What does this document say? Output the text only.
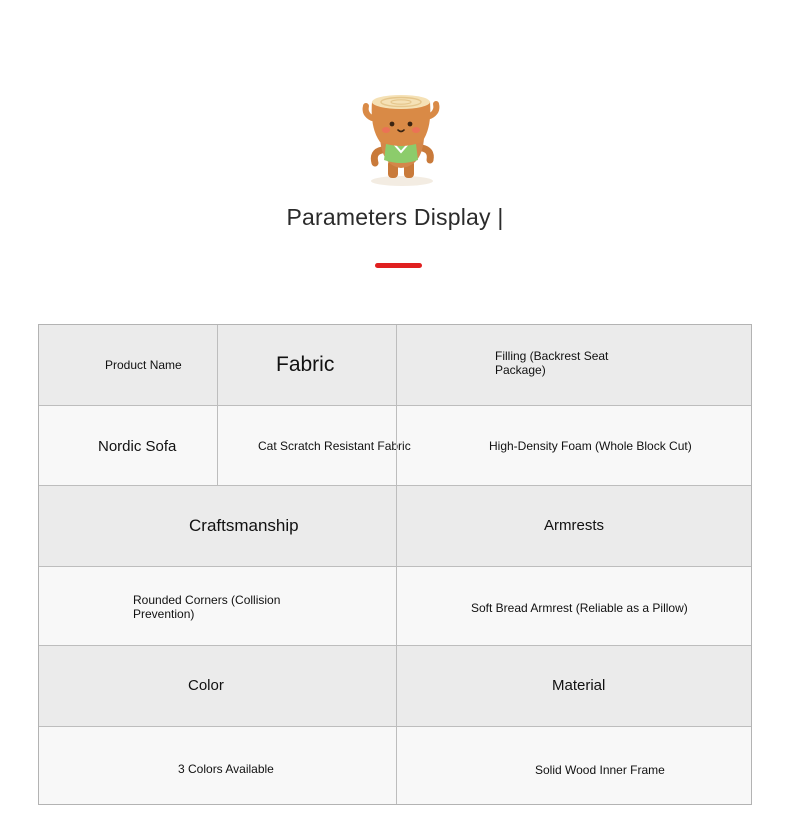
Parameters Display |
Product Name	Fabric	Filling (Backrest Seat Package)
Nordic Sofa	Cat Scratch Resistant Fabric	High-Density Foam (Whole Block Cut)
Craftsmanship	Armrests
Rounded Corners (Collision Prevention)	Soft Bread Armrest (Reliable as a Pillow)
Color	Material
3 Colors Available	Solid Wood Inner Frame
